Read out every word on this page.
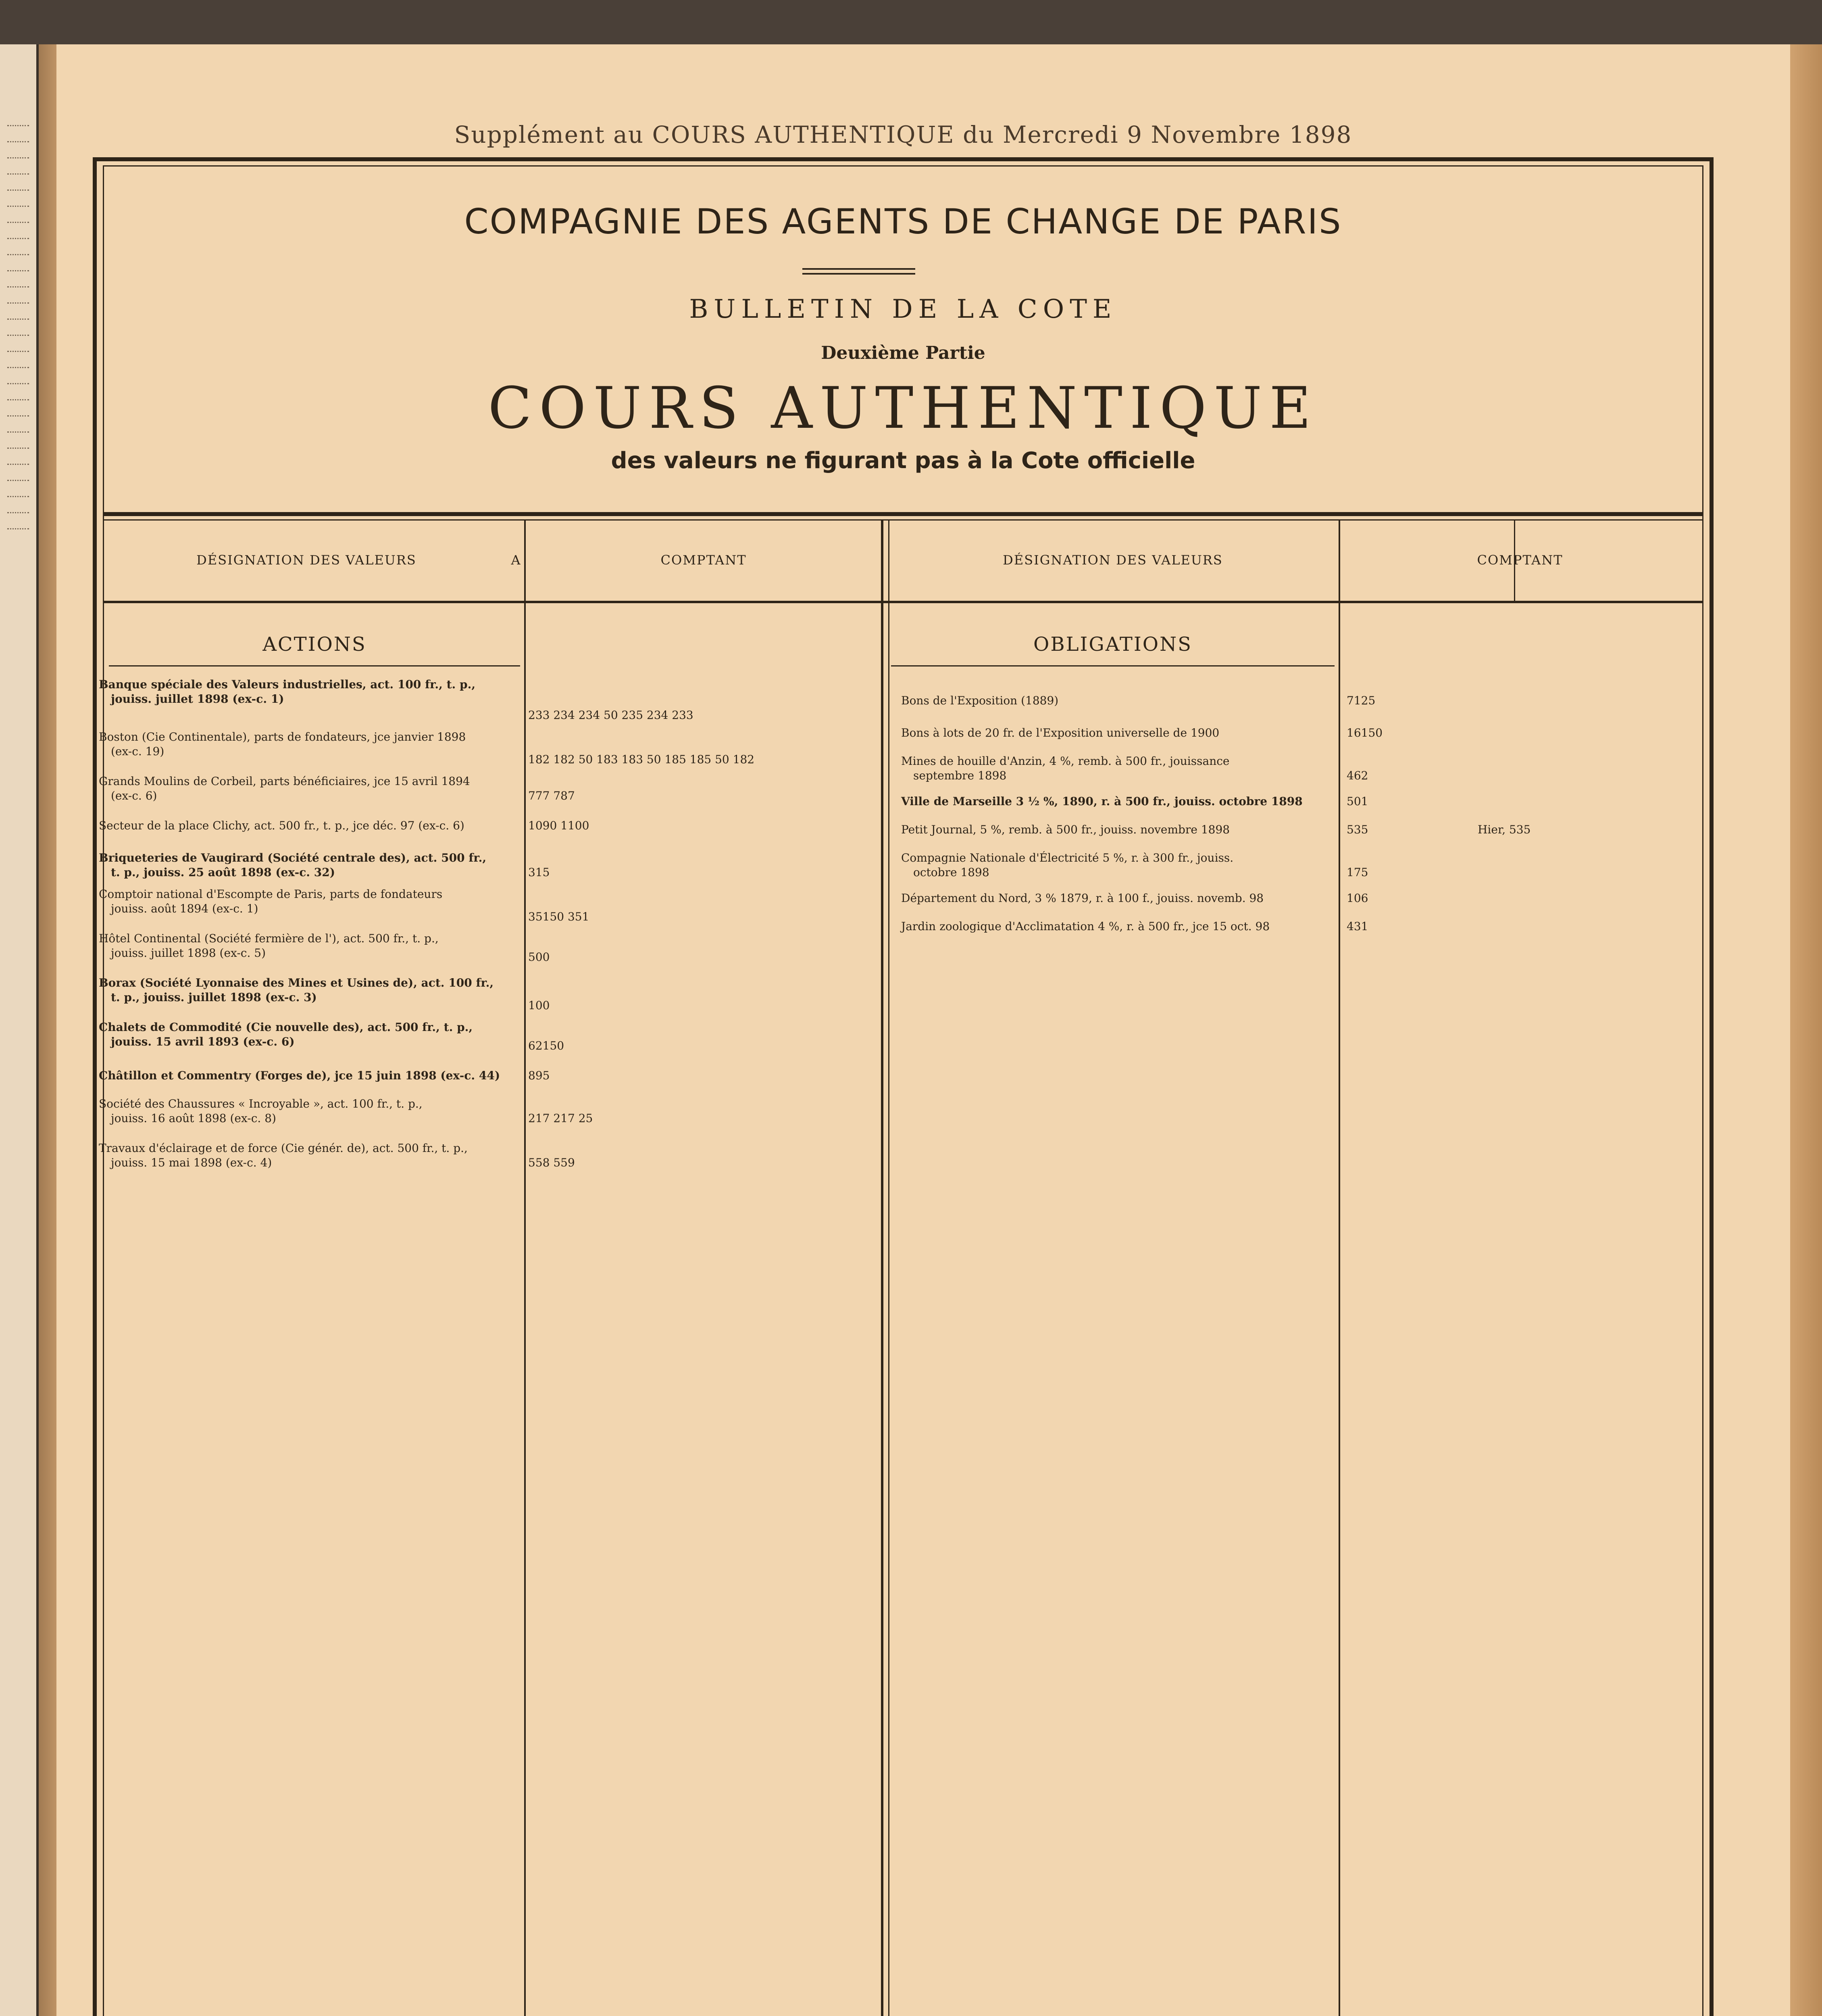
Supplément au COURS AUTHENTIQUE du Mercredi 9 Novembre 1898
COMPAGNIE DES AGENTS DE CHANGE DE PARIS
BULLETIN DE LA COTE
Deuxième Partie
COURS AUTHENTIQUE
des valeurs ne figurant pas à la Cote officielle
DÉSIGNATION DES VALEURS	A	COMPTANT	DÉSIGNATION DES VALEURS	COMPTANT
ACTIONS	OBLIGATIONS
Banque spéciale des Valeurs industrielles, act. 100 fr., t. p.,
jouiss. juillet 1898 (ex-c. 1)
233 234 234 50 235 234 233
Boston (Cie Continentale), parts de fondateurs, jce janvier 1898
(ex-c. 19)
182 182 50 183 183 50 185 185 50 182
Grands Moulins de Corbeil, parts bénéficiaires, jce 15 avril 1894
(ex-c. 6)	777 787
Secteur de la place Clichy, act. 500 fr., t. p., jce déc. 97 (ex-c. 6)	1090 1100
Briqueteries de Vaugirard (Société centrale des), act. 500 fr.,
t. p., jouiss. 25 août 1898 (ex-c. 32)	315
Comptoir national d'Escompte de Paris, parts de fondateurs
jouiss. août 1894 (ex-c. 1)
35150 351
Hôtel Continental (Société fermière de l'), act. 500 fr., t. p.,
jouiss. juillet 1898 (ex-c. 5)	500
Borax (Société Lyonnaise des Mines et Usines de), act. 100 fr.,
t. p., jouiss. juillet 1898 (ex-c. 3)
100
Chalets de Commodité (Cie nouvelle des), act. 500 fr., t. p.,
jouiss. 15 avril 1893 (ex-c. 6)	62150
Châtillon et Commentry (Forges de), jce 15 juin 1898 (ex-c. 44)	895
Société des Chaussures « Incroyable », act. 100 fr., t. p.,
jouiss. 16 août 1898 (ex-c. 8)	217 217 25
Travaux d'éclairage et de force (Cie génér. de), act. 500 fr., t. p.,
jouiss. 15 mai 1898 (ex-c. 4)	558 559
Bons de l'Exposition (1889)	7125
Bons à lots de 20 fr. de l'Exposition universelle de 1900	16150
Mines de houille d'Anzin, 4 %, remb. à 500 fr., jouissance
septembre 1898	462
Ville de Marseille 3 ½ %, 1890, r. à 500 fr., jouiss. octobre 1898	501
Petit Journal, 5 %, remb. à 500 fr., jouiss. novembre 1898	535	Hier, 535
Compagnie Nationale d'Électricité 5 %, r. à 300 fr., jouiss.
octobre 1898	175
Département du Nord, 3 % 1879, r. à 100 f., jouiss. novemb. 98	106
Jardin zoologique d'Acclimatation 4 %, r. à 500 fr., jce 15 oct. 98	431
